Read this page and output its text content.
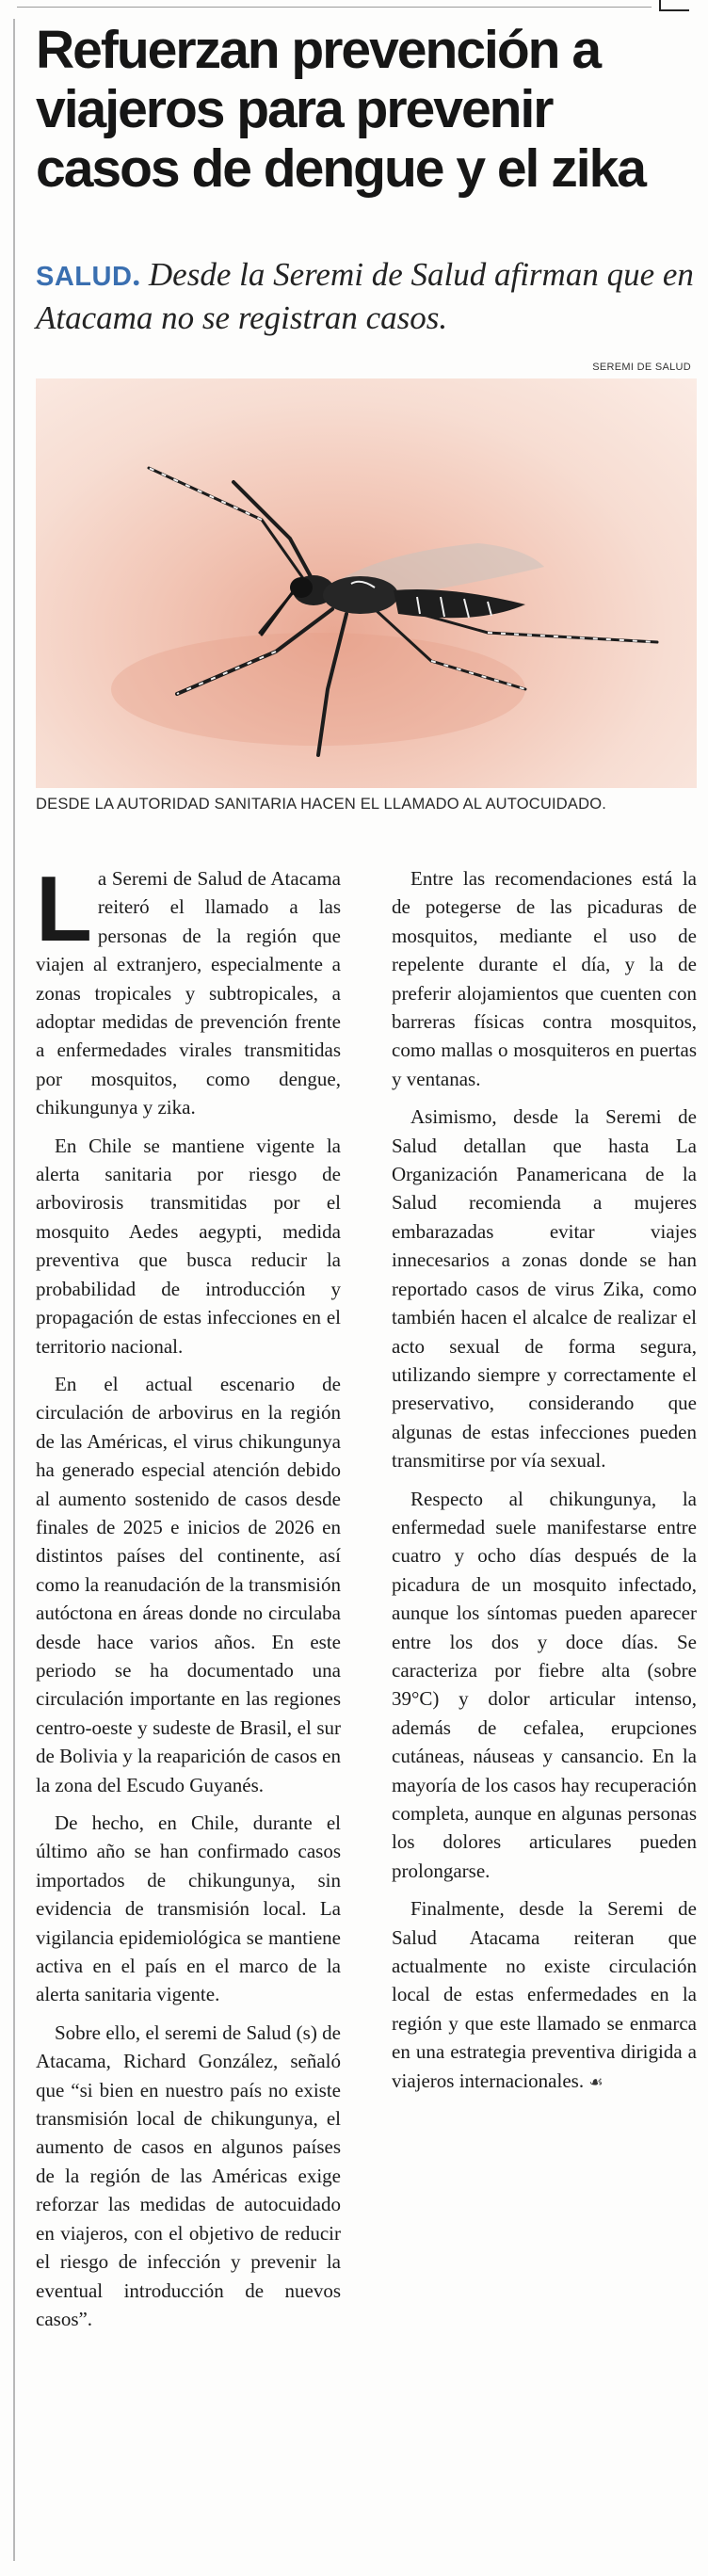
Refuerzan prevención a viajeros para prevenir casos de dengue y el zika

SALUD. Desde la Seremi de Salud afirman que en Atacama no se registran casos.

SEREMI DE SALUD

DESDE LA AUTORIDAD SANITARIA HACEN EL LLAMADO AL AUTOCUIDADO.

La Seremi de Salud de Atacama reiteró el llamado a las personas de la región que viajen al extranjero, especialmente a zonas tropicales y subtropicales, a adoptar medidas de prevención frente a enfermedades virales transmitidas por mosquitos, como dengue, chikungunya y zika.

En Chile se mantiene vigente la alerta sanitaria por riesgo de arbovirosis transmitidas por el mosquito Aedes aegypti, medida preventiva que busca reducir la probabilidad de introducción y propagación de estas infecciones en el territorio nacional.

En el actual escenario de circulación de arbovirus en la región de las Américas, el virus chikungunya ha generado especial atención debido al aumento sostenido de casos desde finales de 2025 e inicios de 2026 en distintos países del continente, así como la reanudación de la transmisión autóctona en áreas donde no circulaba desde hace varios años. En este periodo se ha documentado una circulación importante en las regiones centro-oeste y sudeste de Brasil, el sur de Bolivia y la reaparición de casos en la zona del Escudo Guyanés.

De hecho, en Chile, durante el último año se han confirmado casos importados de chikungunya, sin evidencia de transmisión local. La vigilancia epidemiológica se mantiene activa en el país en el marco de la alerta sanitaria vigente.

Sobre ello, el seremi de Salud (s) de Atacama, Richard González, señaló que “si bien en nuestro país no existe transmisión local de chikungunya, el aumento de casos en algunos países de la región de las Américas exige reforzar las medidas de autocuidado en viajeros, con el objetivo de reducir el riesgo de infección y prevenir la eventual introducción de nuevos casos”.

Entre las recomendaciones está la de potegerse de las picaduras de mosquitos, mediante el uso de repelente durante el día, y la de preferir alojamientos que cuenten con barreras físicas contra mosquitos, como mallas o mosquiteros en puertas y ventanas.

Asimismo, desde la Seremi de Salud detallan que hasta La Organización Panamericana de la Salud recomienda a mujeres embarazadas evitar viajes innecesarios a zonas donde se han reportado casos de virus Zika, como también hacen el alcalce de realizar el acto sexual de forma segura, utilizando siempre y correctamente el preservativo, considerando que algunas de estas infecciones pueden transmitirse por vía sexual.

Respecto al chikungunya, la enfermedad suele manifestarse entre cuatro y ocho días después de la picadura de un mosquito infectado, aunque los síntomas pueden aparecer entre los dos y doce días. Se caracteriza por fiebre alta (sobre 39°C) y dolor articular intenso, además de cefalea, erupciones cutáneas, náuseas y cansancio. En la mayoría de los casos hay recuperación completa, aunque en algunas personas los dolores articulares pueden prolongarse.

Finalmente, desde la Seremi de Salud Atacama reiteran que actualmente no existe circulación local de estas enfermedades en la región y que este llamado se enmarca en una estrategia preventiva dirigida a viajeros internacionales. ☙
